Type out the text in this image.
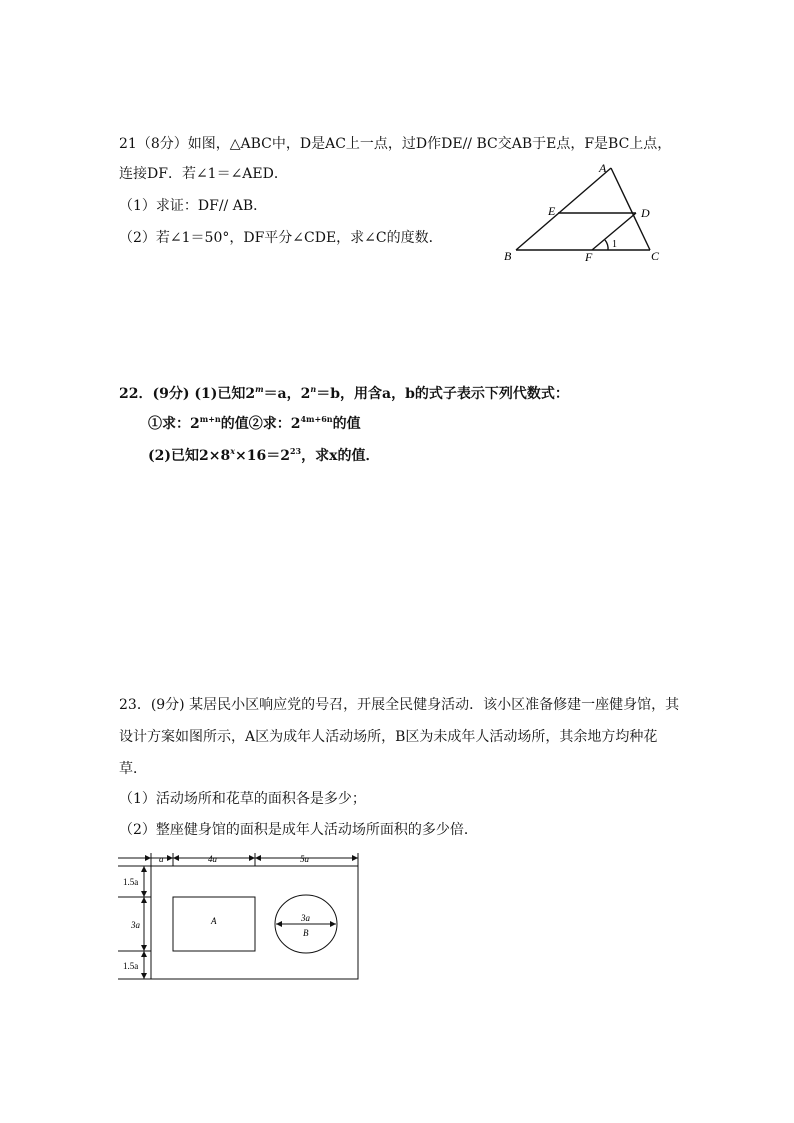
21（8分）如图，△ABC中，D是AC上一点，过D作DE// BC交AB于E点，F是BC上点，
连接DF．若∠1＝∠AED．
（1）求证：DF// AB．
（2）若∠1＝50°，DF平分∠CDE，求∠C的度数．
A
B	C
D
E
F
1
22．(9分) (1)已知$2^m=a$，$2^n=b$，用含a，b的式子表示下列代数式：
①求：$2^{m+n}$的值②求：$2^{4m+6n}$的值
(2)已知$2\times 8^x\times 16=2^{23}$，求x的值．
23．(9分) 某居民小区响应党的号召，开展全民健身活动．该小区准备修建一座健身馆，其
设计方案如图所示，A区为成年人活动场所，B区为未成年人活动场所，其余地方均种花
草．
（1）活动场所和花草的面积各是多少；
（2）整座健身馆的面积是成年人活动场所面积的多少倍．
a	4a	5a
1.5a
3a
1.5a
A	3a
B
